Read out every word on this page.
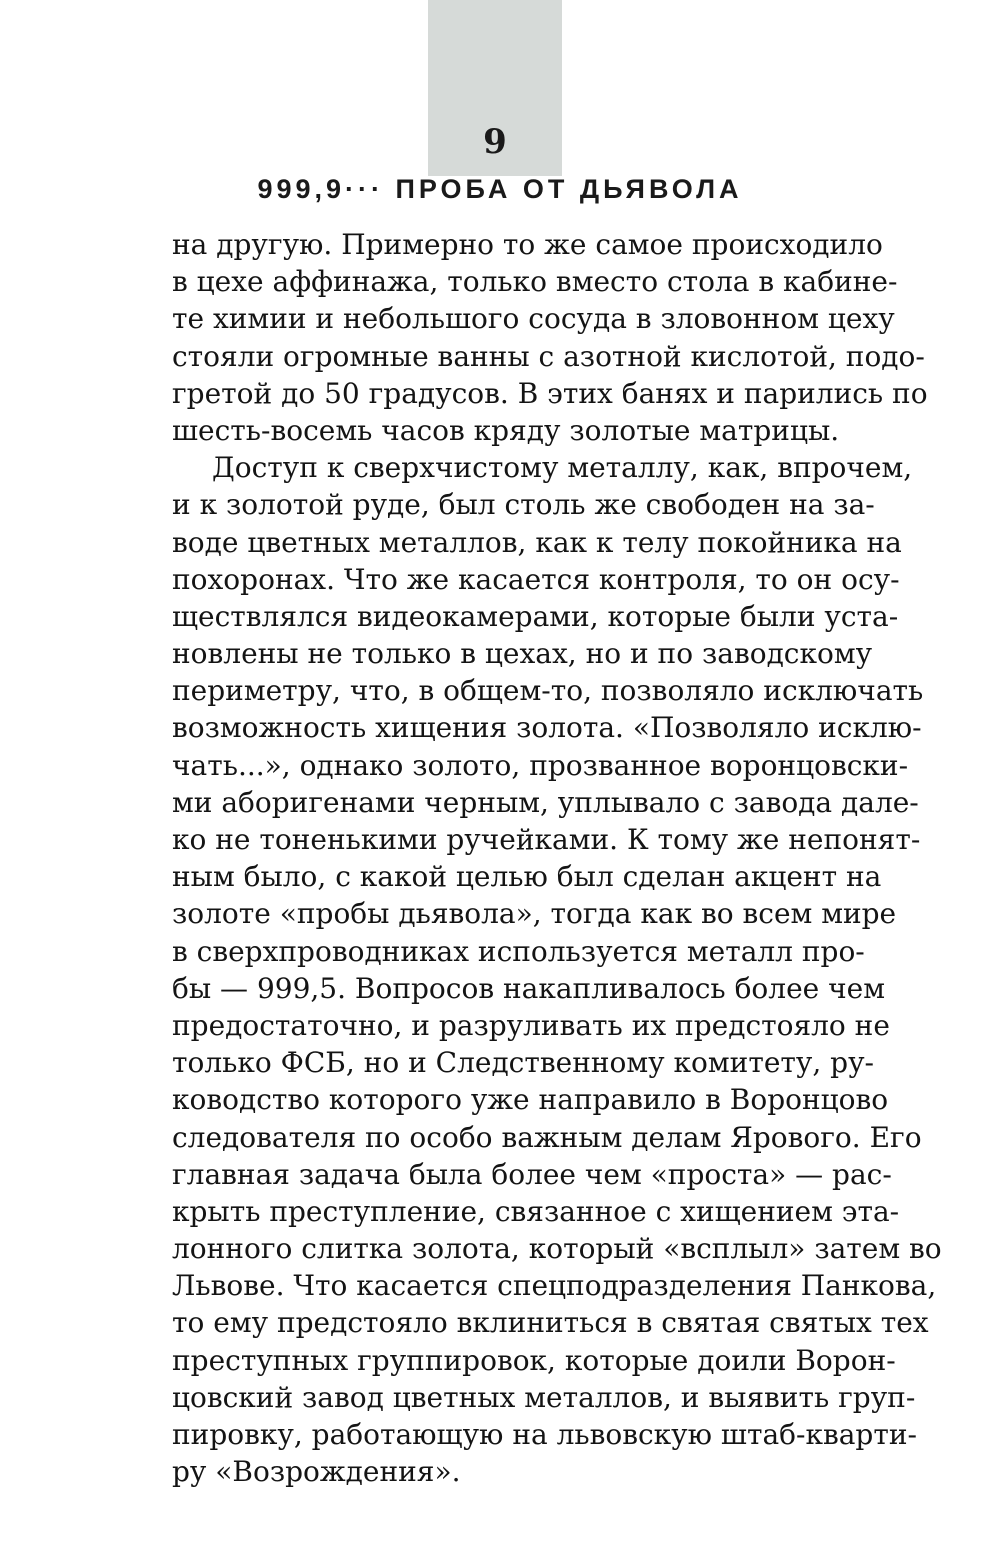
9
999,9··· ПРОБА ОТ ДЬЯВОЛА
на другую. Примерно то же самое происходило
в цехе аффинажа, только вместо стола в кабине-
те химии и небольшого сосуда в зловонном цеху
стояли огромные ванны с азотной кислотой, подо-
гретой до 50 градусов. В этих банях и парились по
шесть-восемь часов кряду золотые матрицы.
Доступ к сверхчистому металлу, как, впрочем,
и к золотой руде, был столь же свободен на за-
воде цветных металлов, как к телу покойника на
похоронах. Что же касается контроля, то он осу-
ществлялся видеокамерами, которые были уста-
новлены не только в цехах, но и по заводскому
периметру, что, в общем-то, позволяло исключать
возможность хищения золота. «Позволяло исклю-
чать...», однако золото, прозванное воронцовски-
ми аборигенами черным, уплывало с завода дале-
ко не тоненькими ручейками. К тому же непонят-
ным было, с какой целью был сделан акцент на
золоте «пробы дьявола», тогда как во всем мире
в сверхпроводниках используется металл про-
бы — 999,5. Вопросов накапливалось более чем
предостаточно, и разруливать их предстояло не
только ФСБ, но и Следственному комитету, ру-
ководство которого уже направило в Воронцово
следователя по особо важным делам Ярового. Его
главная задача была более чем «проста» — рас-
крыть преступление, связанное с хищением эта-
лонного слитка золота, который «всплыл» затем во
Львове. Что касается спецподразделения Панкова,
то ему предстояло вклиниться в святая святых тех
преступных группировок, которые доили Ворон-
цовский завод цветных металлов, и выявить груп-
пировку, работающую на львовскую штаб-кварти-
ру «Возрождения».
